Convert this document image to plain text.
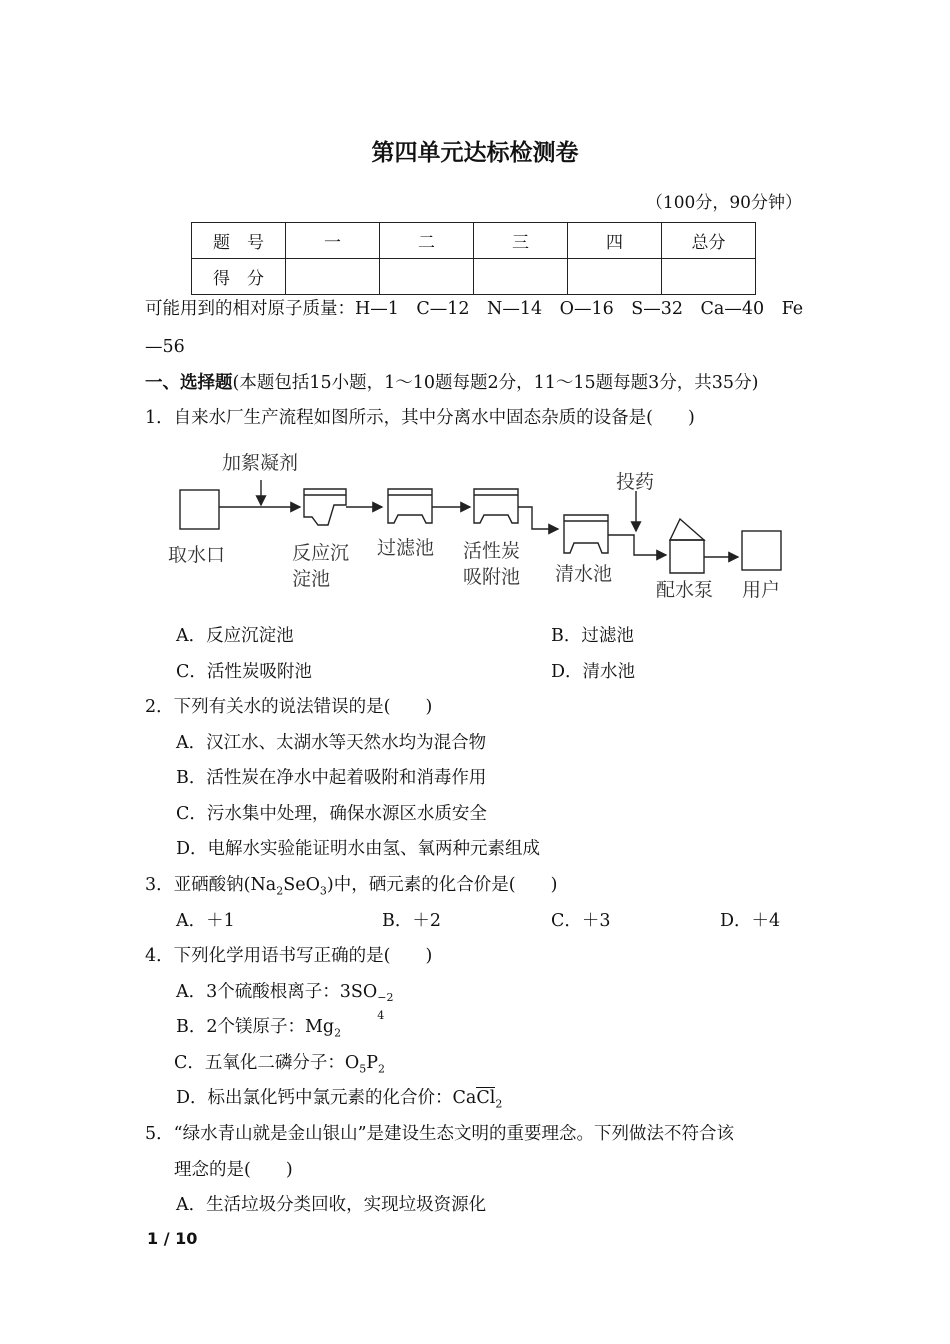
第四单元达标检测卷
（100分，90分钟）
题　号	一	二	三	四	总分
得　分					
可能用到的相对原子质量：H—1　C—12　N—14　O—16　S—32　Ca—40　Fe
—56
一、选择题(本题包括15小题，1～10题每题2分，11～15题每题3分，共35分)
1．自来水厂生产流程如图所示，其中分离水中固态杂质的设备是(　　)
加絮凝剂
投药
取水口	反应沉
淀池
过滤池 活性炭
吸附池 清水池
配水泵 用户
A．反应沉淀池	B．过滤池
C．活性炭吸附池	D．清水池
2．下列有关水的说法错误的是(　　)
A．汉江水、太湖水等天然水均为混合物
B．活性炭在净水中起着吸附和消毒作用
C．污水集中处理，确保水源区水质安全
D．电解水实验能证明水由氢、氧两种元素组成
3．亚硒酸钠$(Na_2SeO_3)$中，硒元素的化合价是(　　)
A．＋1	B．＋2	C．＋3	D．＋4
4．下列化学用语书写正确的是(　　)
A．3个硫酸根离子：3SO −2
4
B．2个镁原子：$Mg_2$
C．五氧化二磷分子：$O_5P_2$
D．标出氯化钙中氯元素的化合价：CaCl$_2$
5．“绿水青山就是金山银山”是建设生态文明的重要理念。下列做法不符合该
理念的是(　　)
A．生活垃圾分类回收，实现垃圾资源化
1 / 10
